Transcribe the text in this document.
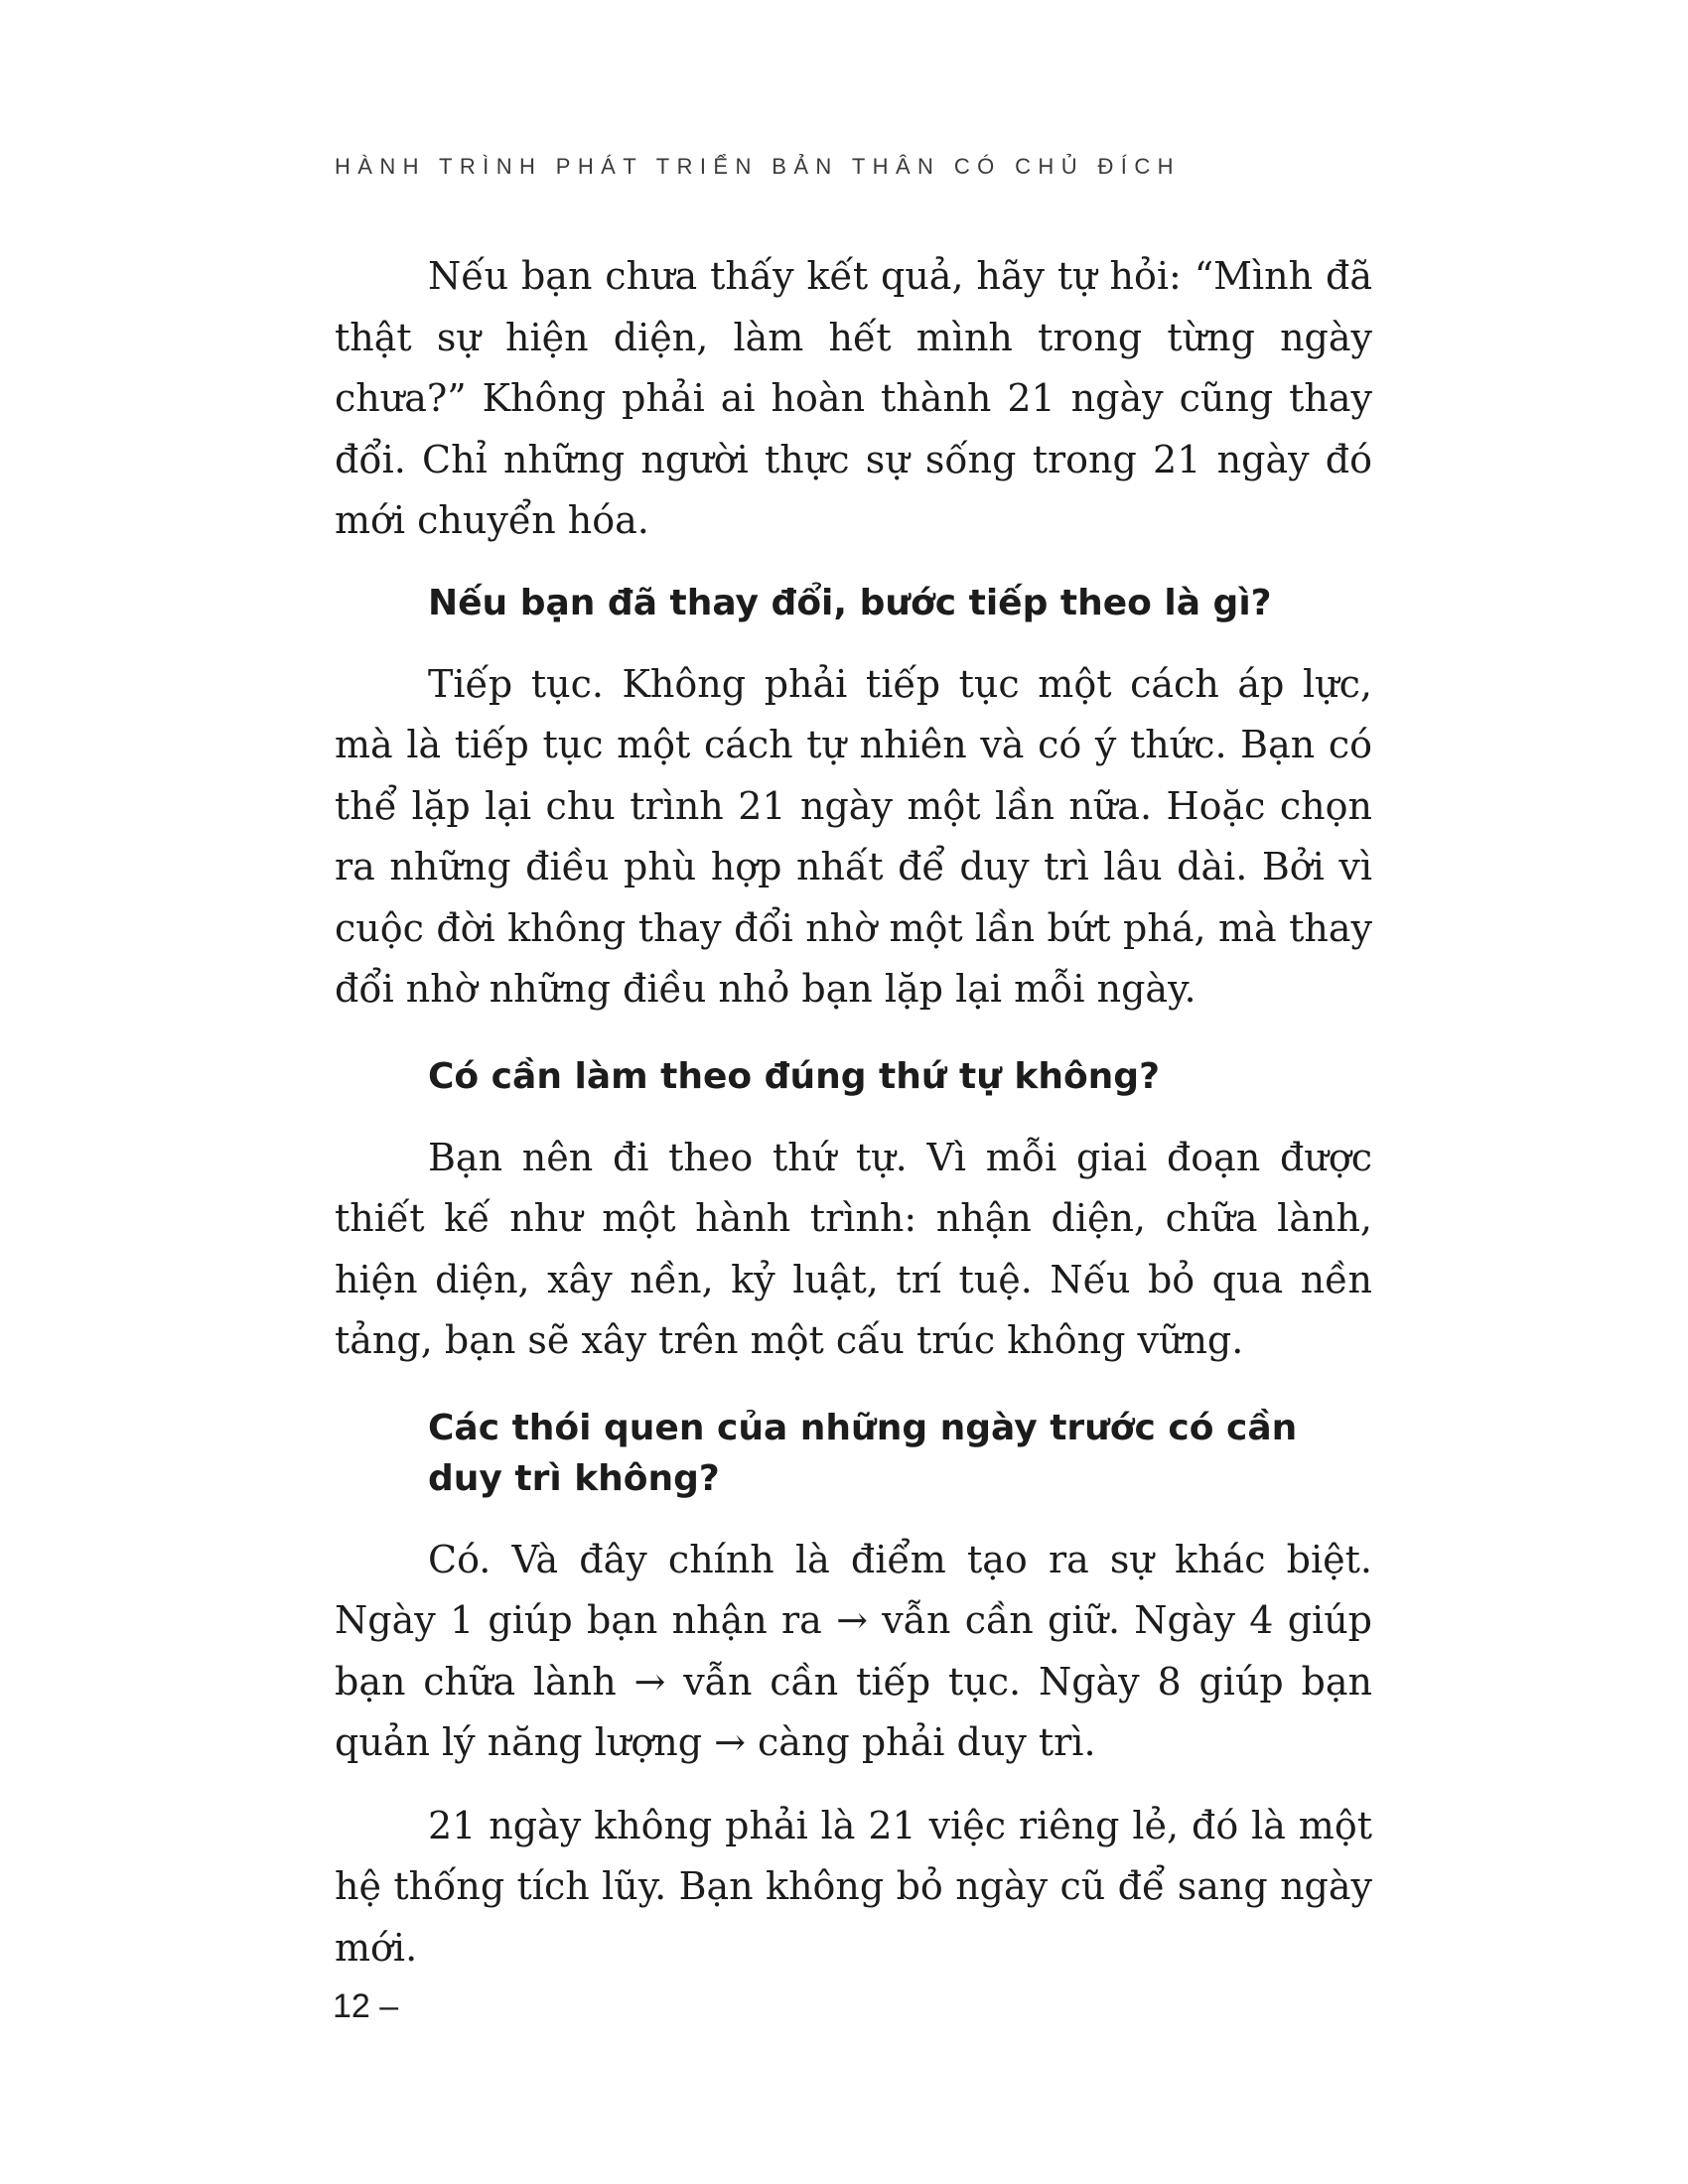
HÀNH TRÌNH PHÁT TRIỂN BẢN THÂN CÓ CHỦ ĐÍCH

Nếu bạn chưa thấy kết quả, hãy tự hỏi: “Mình đã thật sự hiện diện, làm hết mình trong từng ngày chưa?” Không phải ai hoàn thành 21 ngày cũng thay đổi. Chỉ những người thực sự sống trong 21 ngày đó mới chuyển hóa.

Nếu bạn đã thay đổi, bước tiếp theo là gì?

Tiếp tục. Không phải tiếp tục một cách áp lực, mà là tiếp tục một cách tự nhiên và có ý thức. Bạn có thể lặp lại chu trình 21 ngày một lần nữa. Hoặc chọn ra những điều phù hợp nhất để duy trì lâu dài. Bởi vì cuộc đời không thay đổi nhờ một lần bứt phá, mà thay đổi nhờ những điều nhỏ bạn lặp lại mỗi ngày.

Có cần làm theo đúng thứ tự không?

Bạn nên đi theo thứ tự. Vì mỗi giai đoạn được thiết kế như một hành trình: nhận diện, chữa lành, hiện diện, xây nền, kỷ luật, trí tuệ. Nếu bỏ qua nền tảng, bạn sẽ xây trên một cấu trúc không vững.

Các thói quen của những ngày trước có cần duy trì không?

Có. Và đây chính là điểm tạo ra sự khác biệt. Ngày 1 giúp bạn nhận ra → vẫn cần giữ. Ngày 4 giúp bạn chữa lành → vẫn cần tiếp tục. Ngày 8 giúp bạn quản lý năng lượng → càng phải duy trì.

21 ngày không phải là 21 việc riêng lẻ, đó là một hệ thống tích lũy. Bạn không bỏ ngày cũ để sang ngày mới.

12 –
